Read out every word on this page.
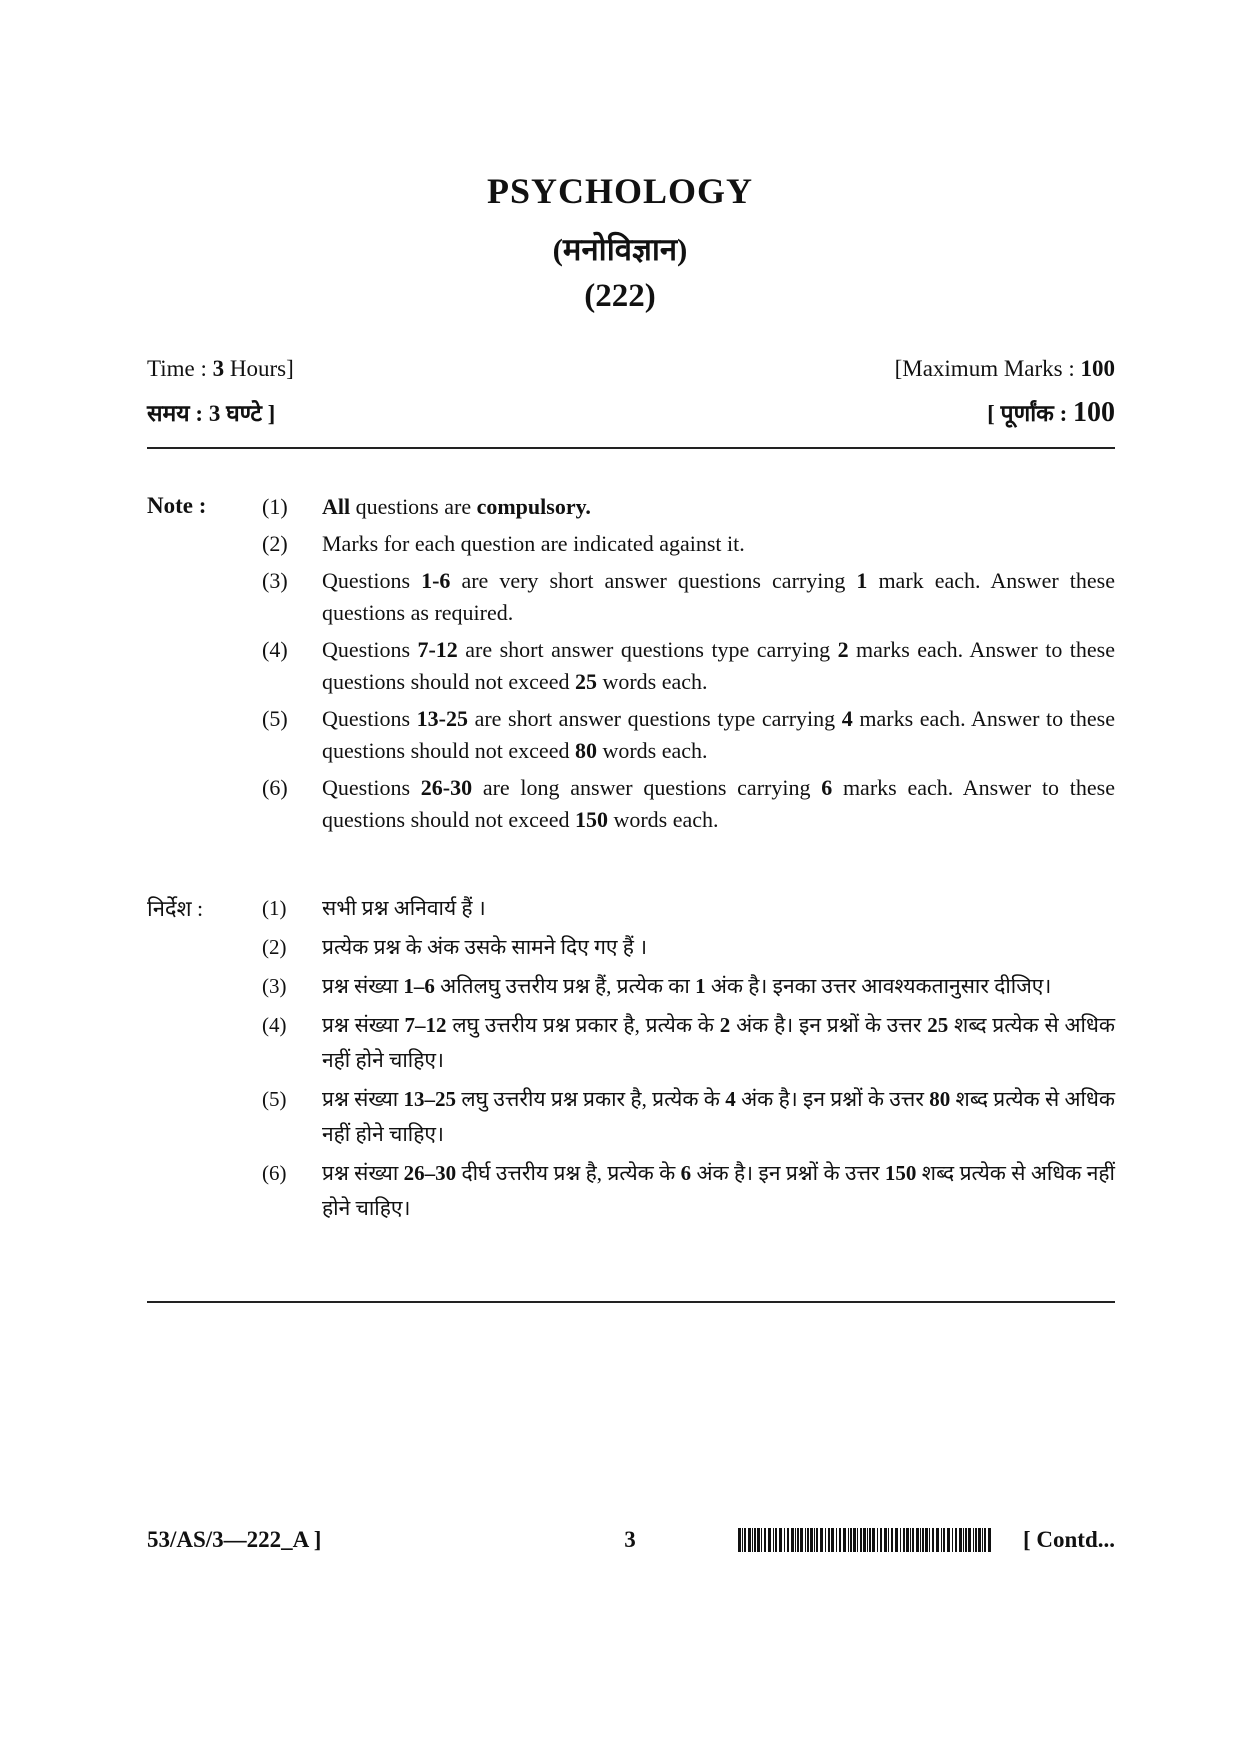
PSYCHOLOGY
(मनोविज्ञान)
(222)
Time : 3 Hours]	[Maximum Marks : 100
समय : 3 घण्टे ]	[ पूर्णांक : 100
Note :	(1)	All questions are compulsory.
(2)	Marks for each question are indicated against it.
(3)	Questions 1-6 are very short answer questions carrying 1 mark each. Answer these questions as required.
(4)	Questions 7-12 are short answer questions type carrying 2 marks each. Answer to these questions should not exceed 25 words each.
(5)	Questions 13-25 are short answer questions type carrying 4 marks each. Answer to these questions should not exceed 80 words each.
(6)	Questions 26-30 are long answer questions carrying 6 marks each. Answer to these questions should not exceed 150 words each.
निर्देश :	(1)	सभी प्रश्न अनिवार्य हैं ।
(2)	प्रत्येक प्रश्न के अंक उसके सामने दिए गए हैं ।
(3)	प्रश्न संख्या 1–6 अतिलघु उत्तरीय प्रश्न हैं, प्रत्येक का 1 अंक है। इनका उत्तर आवश्यकतानुसार दीजिए।
(4)	प्रश्न संख्या 7–12 लघु उत्तरीय प्रश्न प्रकार है, प्रत्येक के 2 अंक है। इन प्रश्नों के उत्तर 25 शब्द प्रत्येक से अधिक नहीं होने चाहिए।
(5)	प्रश्न संख्या 13–25 लघु उत्तरीय प्रश्न प्रकार है, प्रत्येक के 4 अंक है। इन प्रश्नों के उत्तर 80 शब्द प्रत्येक से अधिक नहीं होने चाहिए।
(6)	प्रश्न संख्या 26–30 दीर्घ उत्तरीय प्रश्न है, प्रत्येक के 6 अंक है। इन प्रश्नों के उत्तर 150 शब्द प्रत्येक से अधिक नहीं होने चाहिए।
53/AS/3—222_A ]	3	[ Contd...
